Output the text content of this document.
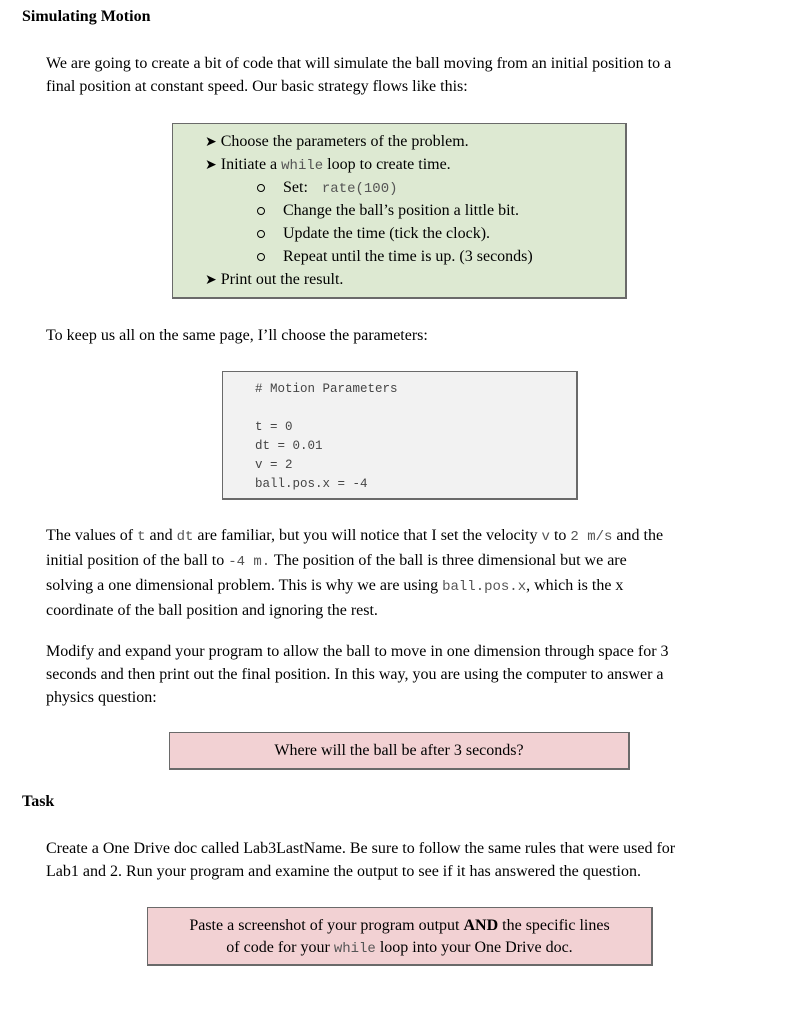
Simulating Motion
We are going to create a bit of code that will simulate the ball moving from an initial position to a
final position at constant speed. Our basic strategy flows like this:
➤ Choose the parameters of the problem.
➤ Initiate a while loop to create time.
Set: rate(100)
Change the ball’s position a little bit.
Update the time (tick the clock).
Repeat until the time is up. (3 seconds)
➤ Print out the result.
To keep us all on the same page, I’ll choose the parameters:
# Motion Parameters
t = 0
dt = 0.01
v = 2
ball.pos.x = -4
The values of t and dt are familiar, but you will notice that I set the velocity v to 2 m/s and the
initial position of the ball to -4 m. The position of the ball is three dimensional but we are
solving a one dimensional problem. This is why we are using ball.pos.x, which is the x
coordinate of the ball position and ignoring the rest.
Modify and expand your program to allow the ball to move in one dimension through space for 3
seconds and then print out the final position. In this way, you are using the computer to answer a
physics question:
Where will the ball be after 3 seconds?
Task
Create a One Drive doc called Lab3LastName. Be sure to follow the same rules that were used for
Lab1 and 2. Run your program and examine the output to see if it has answered the question.
Paste a screenshot of your program output AND the specific lines
of code for your while loop into your One Drive doc.
